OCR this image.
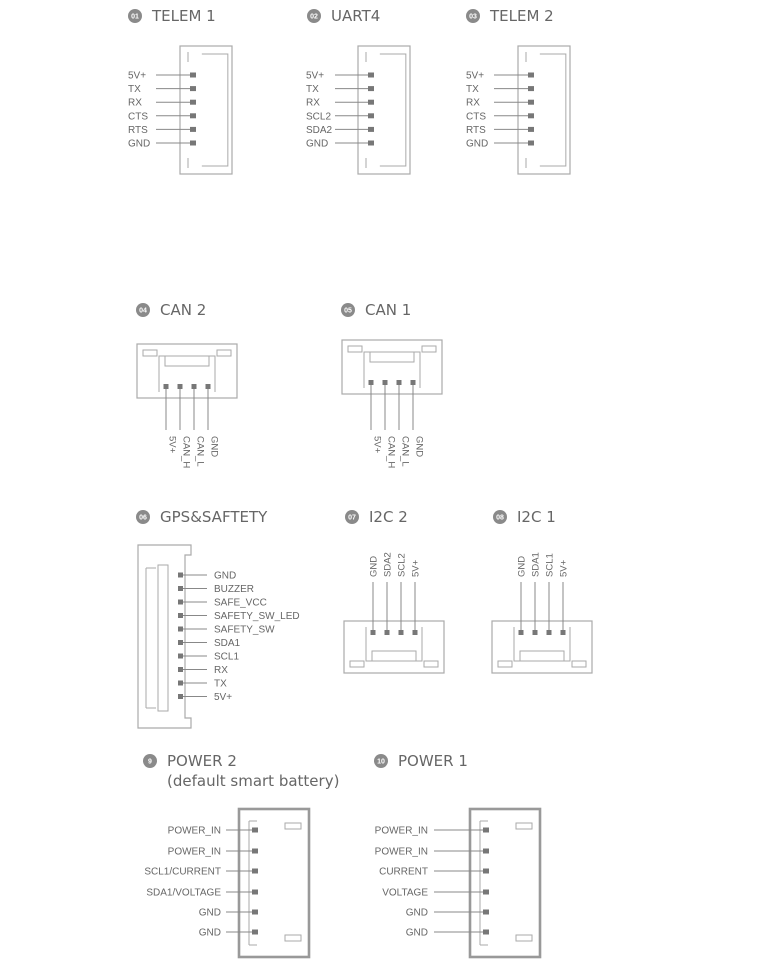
01 TELEM 1
5V+
TX
RX
CTS
RTS
GND
02 UART4
5V+
TX
RX
SCL2
SDA2
GND
03 TELEM 2
5V+
TX
RX
CTS
RTS
GND
04 CAN 2
5V+ CAN_H CAN_L GND
05 CAN 1
5V+ CAN_H CAN_L GND
06 GPS&SAFTETY
GND
BUZZER
SAFE_VCC
SAFETY_SW_LED
SAFETY_SW
SDA1
SCL1
RX
TX
5V+
07 I2C 2
GND SDA2 SCL2 5V+
08 I2C 1
GND SDA1 SCL1 5V+
9 POWER 2
(default smart battery)
POWER_IN
POWER_IN
SCL1/CURRENT
SDA1/VOLTAGE
GND
GND
10 POWER 1
POWER_IN
POWER_IN
CURRENT
VOLTAGE
GND
GND
